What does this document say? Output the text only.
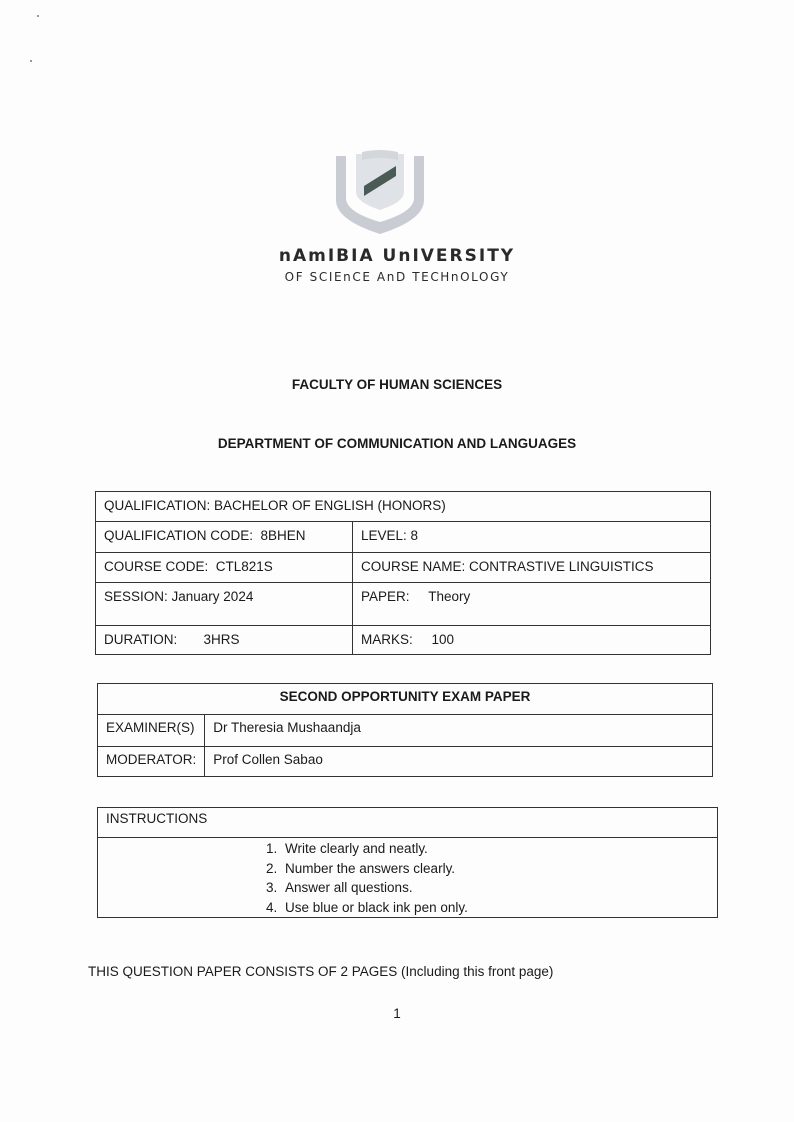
nAmIBIA UnIVERSITY
OF SCIEnCE AnD TECHnOLOGY
FACULTY OF HUMAN SCIENCES
DEPARTMENT OF COMMUNICATION AND LANGUAGES
QUALIFICATION: BACHELOR OF ENGLISH (HONORS)	
QUALIFICATION CODE: 8BHEN	LEVEL: 8
COURSE CODE: CTL821S	COURSE NAME: CONTRASTIVE LINGUISTICS
SESSION: January 2024	PAPER: Theory
DURATION: 3HRS	MARKS: 100
SECOND OPPORTUNITY EXAM PAPER	
EXAMINER(S)	Dr Theresia Mushaandja
MODERATOR:	Prof Collen Sabao
INSTRUCTIONS

1. Write clearly and neatly.
2. Number the answers clearly.
3. Answer all questions.
4. Use blue or black ink pen only.
THIS QUESTION PAPER CONSISTS OF 2 PAGES (Including this front page)
1
